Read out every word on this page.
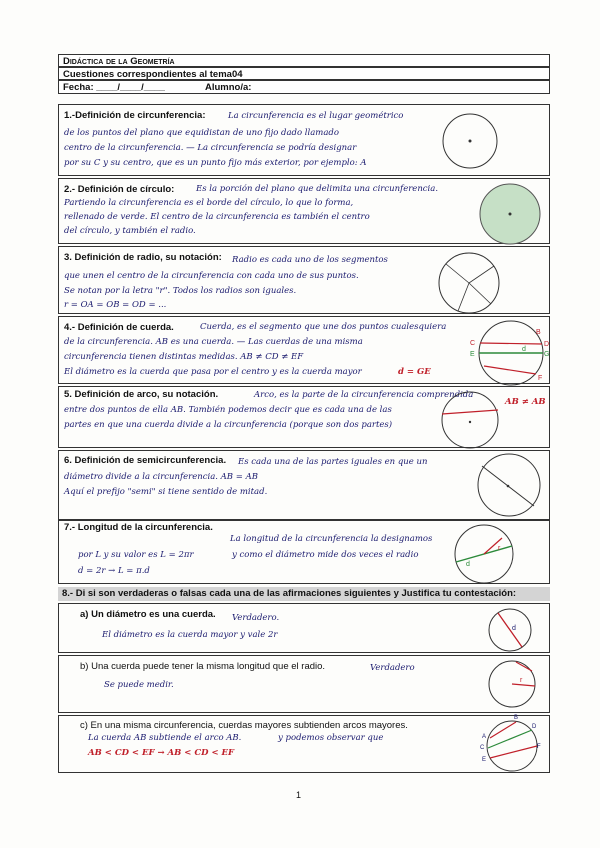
Didáctica de la Geometría
Cuestiones correspondientes al tema04
Fecha: ____/____/____	Alumno/a:
1.-Definición de circunferencia:	La circunferencia es el lugar geométrico
de los puntos del plano que equidistan de uno fijo dado llamado
centro de la circunferencia. — La circunferencia se podría designar
por su C y su centro, que es un punto fijo más exterior, por ejemplo: A
2.- Definición de círculo:	Es la porción del plano que delimita una circunferencia.
Partiendo la circunferencia es el borde del círculo, lo que lo forma,
rellenado de verde. El centro de la circunferencia es también el centro
del círculo, y también el radio.
3. Definición de radio, su notación: Radio es cada uno de los segmentos
que unen el centro de la circunferencia con cada uno de sus puntos.
Se notan por la letra "r". Todos los radios son iguales.
r = OA = OB = OD = ...
4.- Definición de cuerda.	Cuerda, es el segmento que une dos puntos cualesquiera
de la circunferencia. AB es una cuerda. — Las cuerdas de una misma
circunferencia tienen distintas medidas. AB ≠ CD ≠ EF
El diámetro es la cuerda que pasa por el centro y es la cuerda mayor	d = GE
C
E	G
D
B
F
d
5. Definición de arco, su notación.	Arco, es la parte de la circunferencia comprendida
entre dos puntos de ella AB. También podemos decir que es cada una de las
partes en que una cuerda divide a la circunferencia (porque son dos partes)
AB ≠ AB
6. Definición de semicircunferencia. Es cada una de las partes iguales en que un
diámetro divide a la circunferencia. AB = AB
Aquí el prefijo "semi" si tiene sentido de mitad.
7.- Longitud de la circunferencia.
La longitud de la circunferencia la designamos
por L y su valor es L = 2πr	y como el diámetro mide dos veces el radio
d = 2r → L = π.d
r
d
8.- Di si son verdaderas o falsas cada una de las afirmaciones siguientes y Justifica tu contestación:
a) Un diámetro es una cuerda. Verdadero.
El diámetro es la cuerda mayor y vale 2r
d
b) Una cuerda puede tener la misma longitud que el radio.	Verdadero
Se puede medir.	r
c) En una misma circunferencia, cuerdas mayores subtienden arcos mayores.
La cuerda AB subtiende el arco AB.	y podemos observar que
AB < CD < EF → AB < CD < EF
B
A
D
C
E
F
1
